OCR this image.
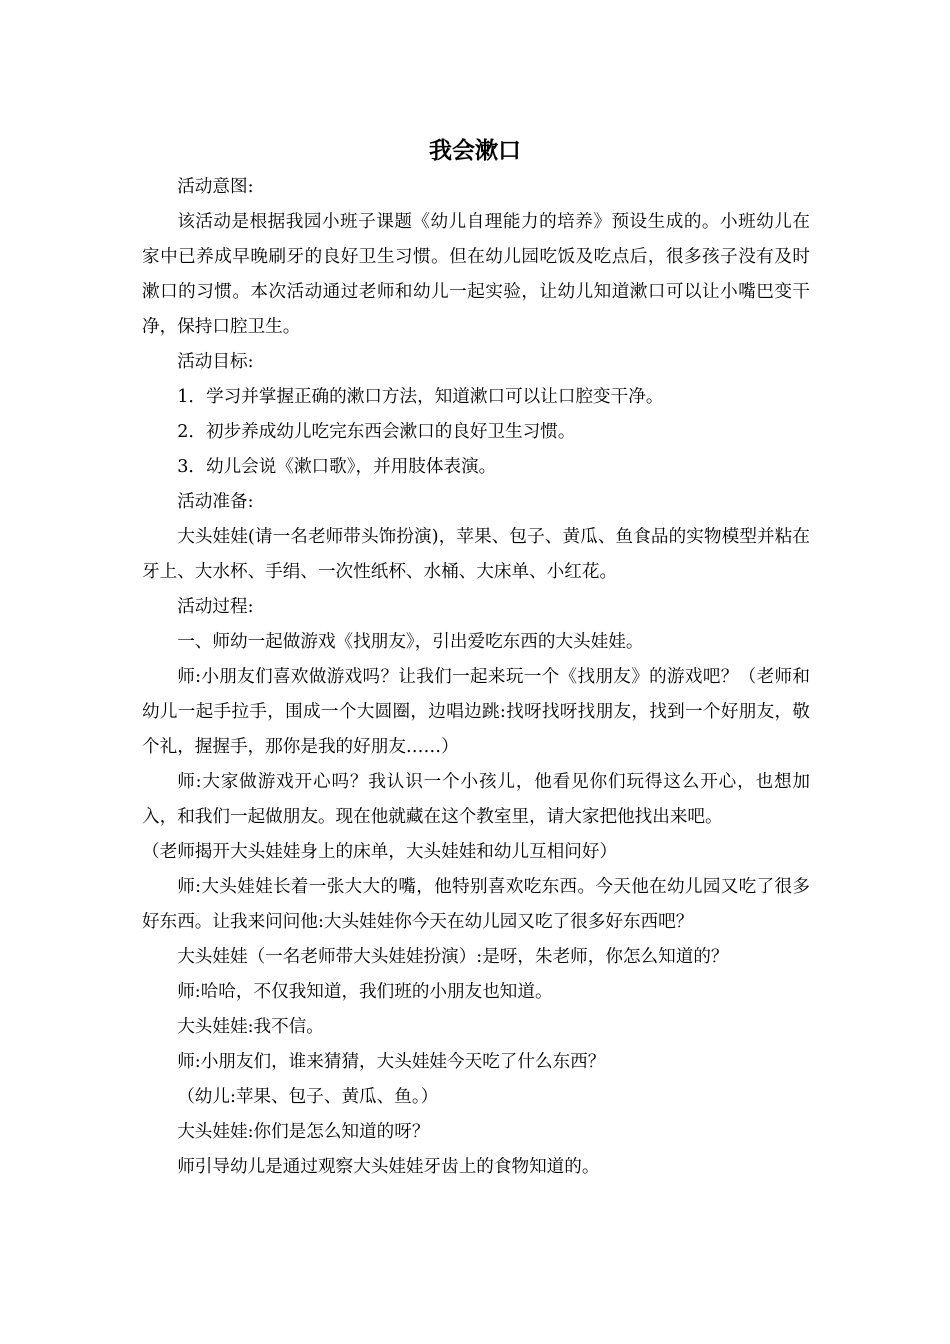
我会漱口

活动意图:

该活动是根据我园小班子课题《幼儿自理能力的培养》预设生成的。小班幼儿在家中已养成早晚刷牙的良好卫生习惯。但在幼儿园吃饭及吃点后，很多孩子没有及时漱口的习惯。本次活动通过老师和幼儿一起实验，让幼儿知道漱口可以让小嘴巴变干净，保持口腔卫生。

活动目标:

1．学习并掌握正确的漱口方法，知道漱口可以让口腔变干净。

2．初步养成幼儿吃完东西会漱口的良好卫生习惯。

3．幼儿会说《漱口歌》，并用肢体表演。

活动准备:

大头娃娃(请一名老师带头饰扮演)，苹果、包子、黄瓜、鱼食品的实物模型并粘在牙上、大水杯、手绢、一次性纸杯、水桶、大床单、小红花。

活动过程:

一、师幼一起做游戏《找朋友》，引出爱吃东西的大头娃娃。

师:小朋友们喜欢做游戏吗？让我们一起来玩一个《找朋友》的游戏吧？（老师和幼儿一起手拉手，围成一个大圆圈，边唱边跳:找呀找呀找朋友，找到一个好朋友，敬个礼，握握手，那你是我的好朋友……）

师:大家做游戏开心吗？我认识一个小孩儿，他看见你们玩得这么开心，也想加入，和我们一起做朋友。现在他就藏在这个教室里，请大家把他找出来吧。

（老师揭开大头娃娃身上的床单，大头娃娃和幼儿互相问好）

师:大头娃娃长着一张大大的嘴，他特别喜欢吃东西。今天他在幼儿园又吃了很多好东西。让我来问问他:大头娃娃你今天在幼儿园又吃了很多好东西吧？

大头娃娃（一名老师带大头娃娃扮演）:是呀，朱老师，你怎么知道的？

师:哈哈，不仅我知道，我们班的小朋友也知道。

大头娃娃:我不信。

师:小朋友们，谁来猜猜，大头娃娃今天吃了什么东西？

（幼儿:苹果、包子、黄瓜、鱼。）

大头娃娃:你们是怎么知道的呀？

师引导幼儿是通过观察大头娃娃牙齿上的食物知道的。
